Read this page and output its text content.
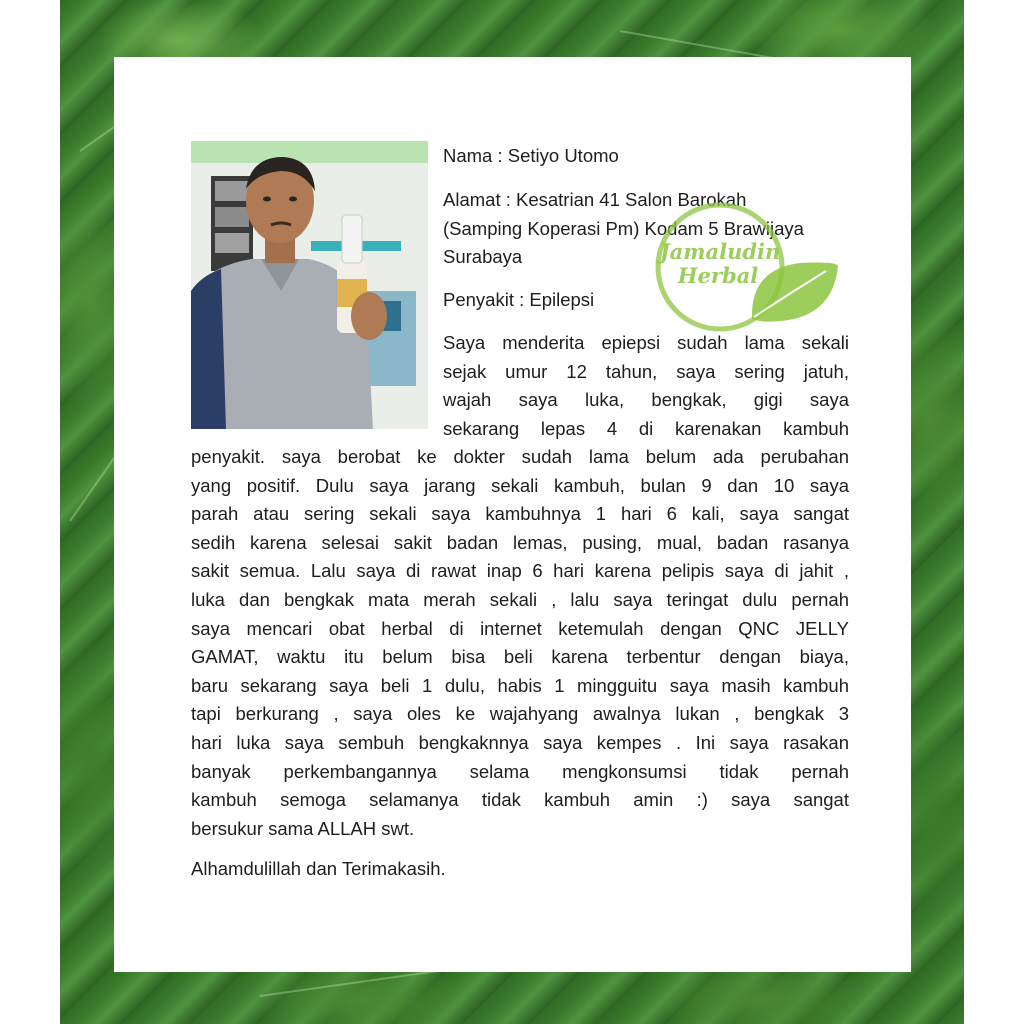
Nama : Setiyo Utomo
Alamat : Kesatrian 41 Salon Barokah
(Samping Koperasi Pm) Kodam 5 Brawijaya
Surabaya
Penyakit : Epilepsi
Jamaludin
Herbal
Saya menderita epiepsi sudah lama sekali
sejak umur 12 tahun, saya sering jatuh,
wajah saya luka, bengkak, gigi saya
sekarang lepas 4 di karenakan kambuh
penyakit. saya berobat ke dokter sudah lama belum ada perubahan
yang positif. Dulu saya jarang sekali kambuh, bulan 9 dan 10 saya
parah atau sering sekali saya kambuhnya 1 hari 6 kali, saya sangat
sedih karena selesai sakit badan lemas, pusing, mual, badan rasanya
sakit semua. Lalu saya di rawat inap 6 hari karena pelipis saya di jahit ,
luka dan bengkak mata merah sekali , lalu saya teringat dulu pernah
saya mencari obat herbal di internet ketemulah dengan QNC JELLY
GAMAT, waktu itu belum bisa beli karena terbentur dengan biaya,
baru sekarang saya beli 1 dulu, habis 1 mingguitu saya masih kambuh
tapi berkurang , saya oles ke wajahyang awalnya lukan , bengkak 3
hari luka saya sembuh bengkaknnya saya kempes . Ini saya rasakan
banyak perkembangannya selama mengkonsumsi tidak pernah
kambuh semoga selamanya tidak kambuh amin :) saya sangat
bersukur sama ALLAH swt.
Alhamdulillah dan Terimakasih.
